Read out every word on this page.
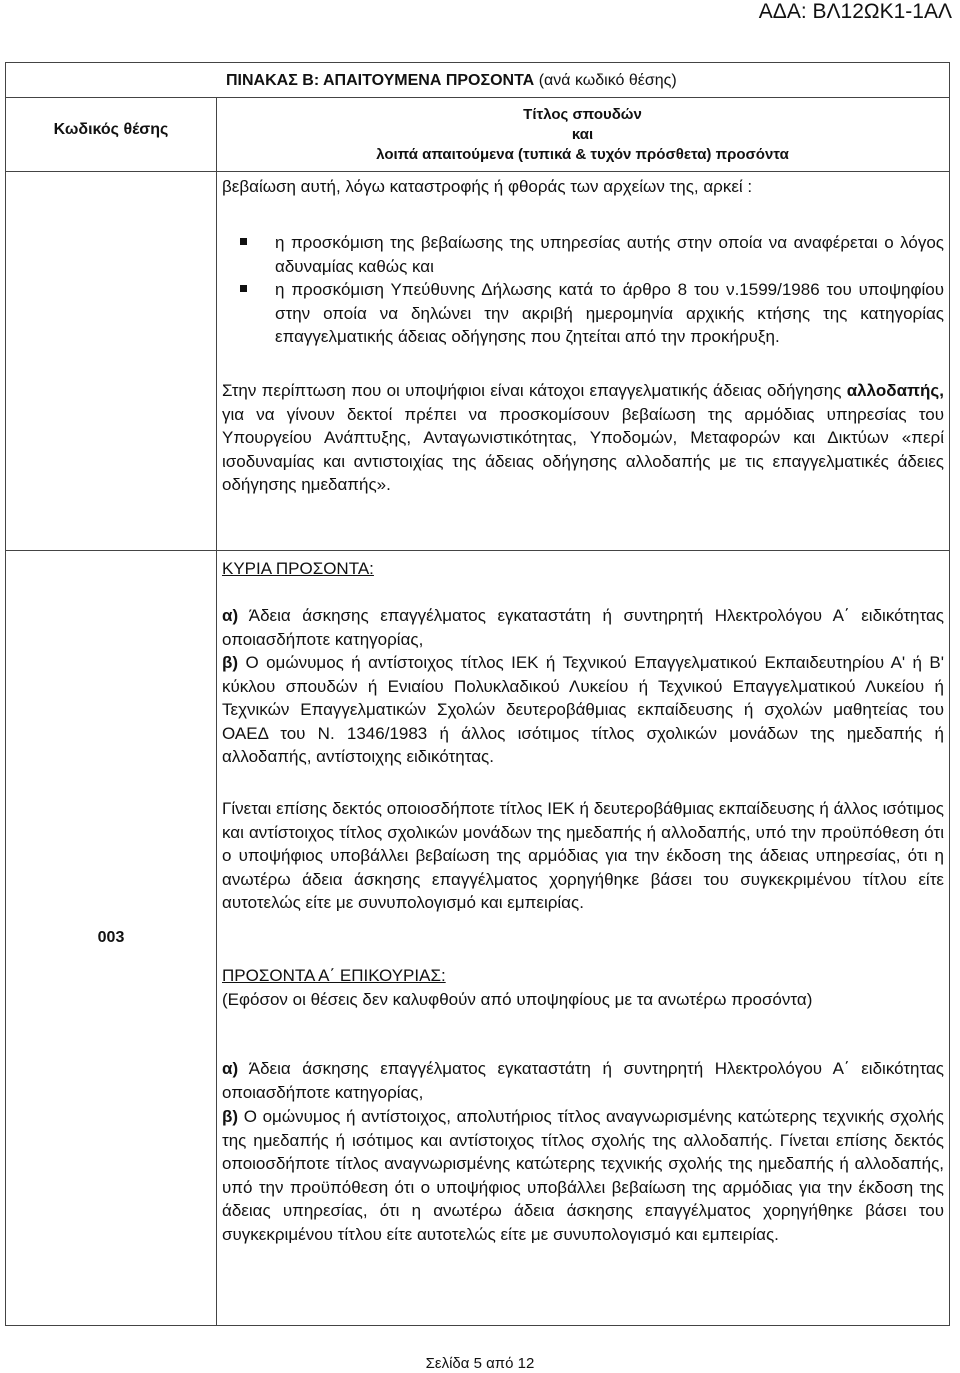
ΑΔΑ: ΒΛ12ΩΚ1-1ΑΛ
ΠΙΝΑΚΑΣ Β: ΑΠΑΙΤΟΥΜΕΝΑ ΠΡΟΣΟΝΤΑ (ανά κωδικό θέσης)
Κωδικός θέσης
Τίτλος σπουδών
και
λοιπά απαιτούμενα (τυπικά & τυχόν πρόσθετα) προσόντα
003
βεβαίωση αυτή, λόγω καταστροφής ή φθοράς των αρχείων της, αρκεί :
η προσκόμιση της βεβαίωσης της υπηρεσίας αυτής στην οποία να αναφέρεται ο λόγος αδυναμίας καθώς και
η προσκόμιση Υπεύθυνης Δήλωσης κατά το άρθρο 8 του ν.1599/1986 του υποψηφίου στην οποία να δηλώνει την ακριβή ημερομηνία αρχικής κτήσης της κατηγορίας επαγγελματικής άδειας οδήγησης που ζητείται από την προκήρυξη.
Στην περίπτωση που οι υποψήφιοι είναι κάτοχοι επαγγελματικής άδειας οδήγησης αλλοδαπής, για να γίνουν δεκτοί πρέπει να προσκομίσουν βεβαίωση της αρμόδιας υπηρεσίας του Υπουργείου Ανάπτυξης, Ανταγωνιστικότητας, Υποδομών, Μεταφορών και Δικτύων «περί ισοδυναμίας και αντιστοιχίας της άδειας οδήγησης αλλοδαπής με τις επαγγελματικές άδειες οδήγησης ημεδαπής».
ΚΥΡΙΑ ΠΡΟΣΟΝΤΑ:
α) Άδεια άσκησης επαγγέλματος εγκαταστάτη ή συντηρητή Ηλεκτρολόγου Α΄ ειδικότητας οποιασδήποτε κατηγορίας,
β) Ο ομώνυμος ή αντίστοιχος τίτλος ΙΕΚ ή Τεχνικού Επαγγελματικού Εκπαιδευτηρίου Α' ή Β' κύκλου σπουδών ή Ενιαίου Πολυκλαδικού Λυκείου ή Τεχνικού Επαγγελματικού Λυκείου ή Τεχνικών Επαγγελματικών Σχολών δευτεροβάθμιας εκπαίδευσης ή σχολών μαθητείας του ΟΑΕΔ του Ν. 1346/1983 ή άλλος ισότιμος τίτλος σχολικών μονάδων της ημεδαπής ή αλλοδαπής, αντίστοιχης ειδικότητας.
Γίνεται επίσης δεκτός οποιοσδήποτε τίτλος ΙΕΚ ή δευτεροβάθμιας εκπαίδευσης ή άλλος ισότιμος και αντίστοιχος τίτλος σχολικών μονάδων της ημεδαπής ή αλλοδαπής, υπό την προϋπόθεση ότι ο υποψήφιος υποβάλλει βεβαίωση της αρμόδιας για την έκδοση της άδειας υπηρεσίας, ότι η ανωτέρω άδεια άσκησης επαγγέλματος χορηγήθηκε βάσει του συγκεκριμένου τίτλου είτε αυτοτελώς είτε με συνυπολογισμό και εμπειρίας.
ΠΡΟΣΟΝΤΑ Α΄ ΕΠΙΚΟΥΡΙΑΣ:
(Εφόσον οι θέσεις δεν καλυφθούν από υποψηφίους με τα ανωτέρω προσόντα)
α) Άδεια άσκησης επαγγέλματος εγκαταστάτη ή συντηρητή Ηλεκτρολόγου Α΄ ειδικότητας οποιασδήποτε κατηγορίας,
β) Ο ομώνυμος ή αντίστοιχος, απολυτήριος τίτλος αναγνωρισμένης κατώτερης τεχνικής σχολής της ημεδαπής ή ισότιμος και αντίστοιχος τίτλος σχολής της αλλοδαπής. Γίνεται επίσης δεκτός οποιοσδήποτε τίτλος αναγνωρισμένης κατώτερης τεχνικής σχολής της ημεδαπής ή αλλοδαπής, υπό την προϋπόθεση ότι ο υποψήφιος υποβάλλει βεβαίωση της αρμόδιας για την έκδοση της άδειας υπηρεσίας, ότι η ανωτέρω άδεια άσκησης επαγγέλματος χορηγήθηκε βάσει του συγκεκριμένου τίτλου είτε αυτοτελώς είτε με συνυπολογισμό και εμπειρίας.
Σελίδα 5 από 12
